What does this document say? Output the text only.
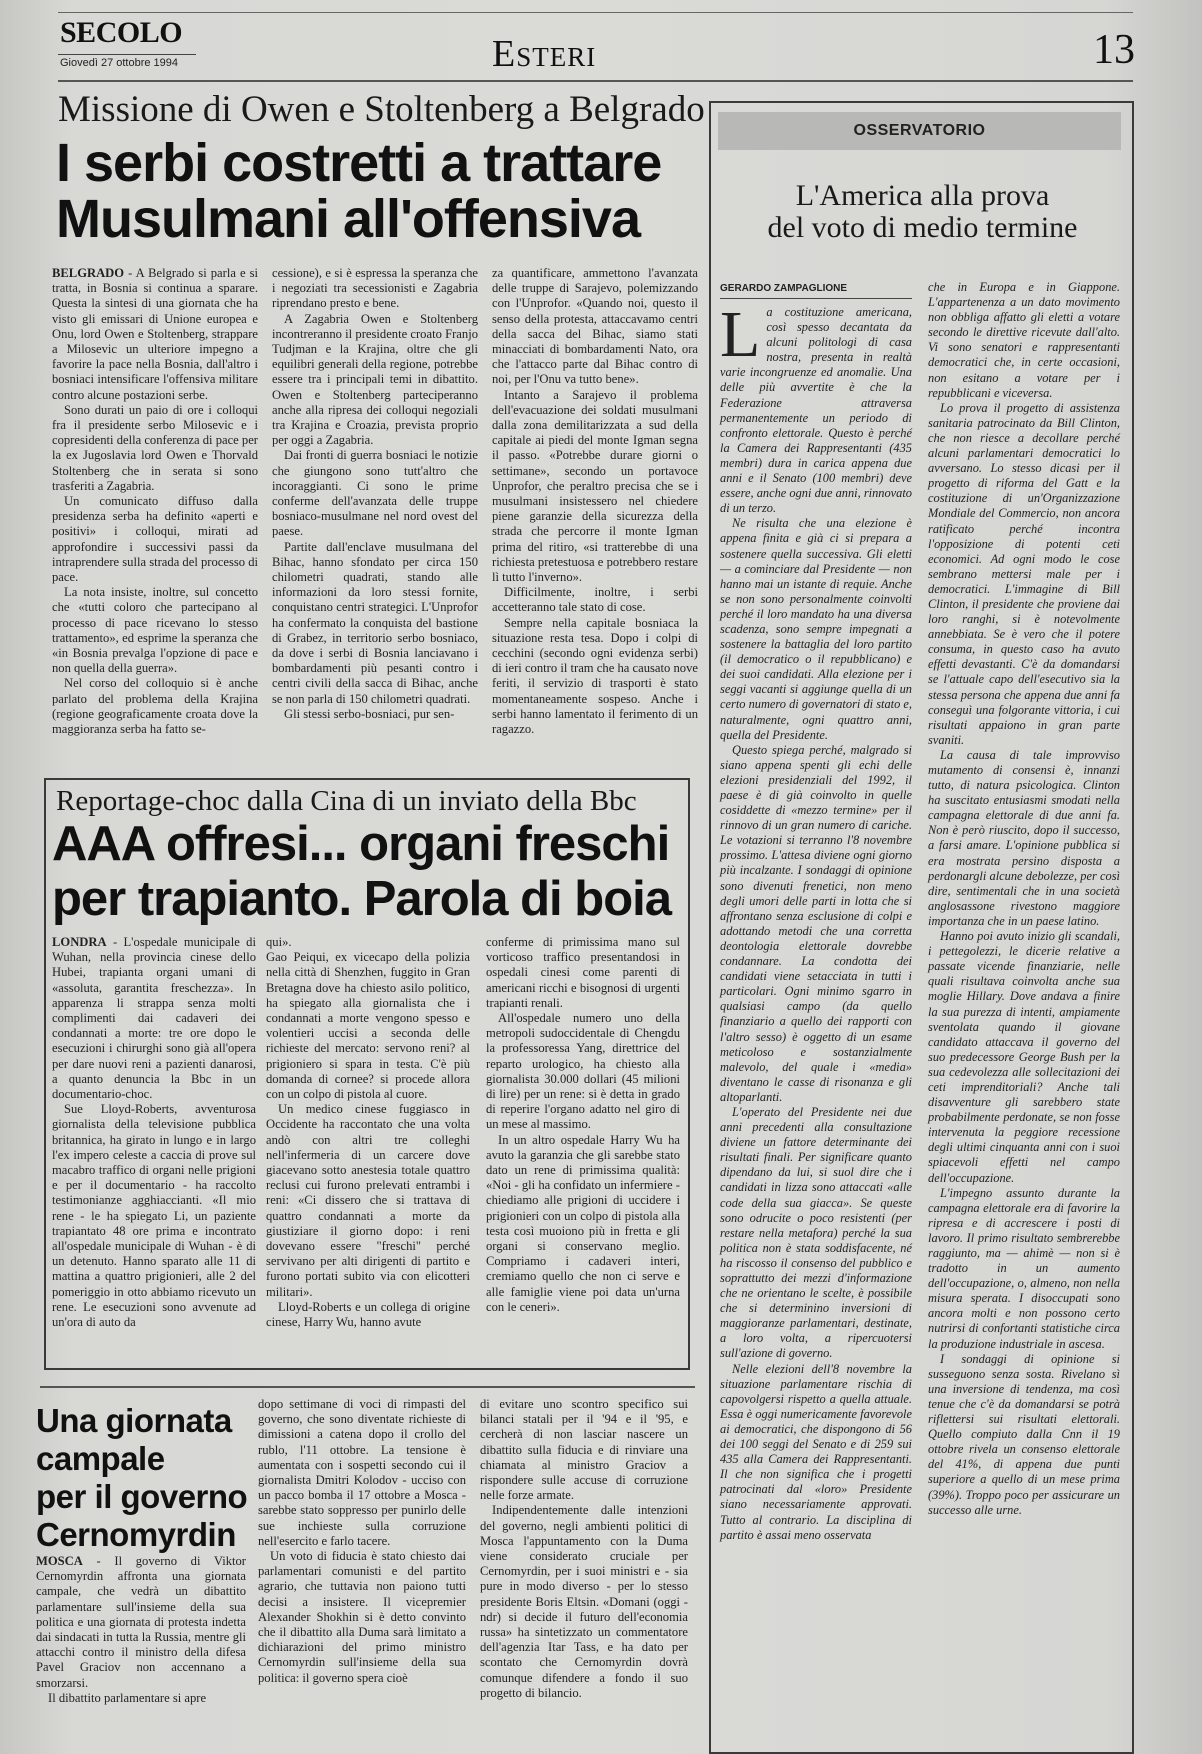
SECOLO
Giovedì 27 ottobre 1994	Esteri	13
Missione di Owen e Stoltenberg a Belgrado
I serbi costretti a trattare
Musulmani all'offensiva

BELGRADO - A Belgrado si parla e si tratta, in Bosnia si continua a sparare. Questa la sintesi di una giornata che ha visto gli emissari di Unione europea e Onu, lord Owen e Stoltenberg, strappare a Milosevic un ulteriore impegno a favorire la pace nella Bosnia, dall'altro i bosniaci intensificare l'offensiva militare contro alcune postazioni serbe.

Sono durati un paio di ore i colloqui fra il presidente serbo Milosevic e i copresidenti della conferenza di pace per la ex Jugoslavia lord Owen e Thorvald Stoltenberg che in serata si sono trasferiti a Zagabria.

Un comunicato diffuso dalla presidenza serba ha definito «aperti e positivi» i colloqui, mirati ad approfondire i successivi passi da intraprendere sulla strada del processo di pace.

La nota insiste, inoltre, sul concetto che «tutti coloro che partecipano al processo di pace ricevano lo stesso trattamento», ed esprime la speranza che «in Bosnia prevalga l'opzione di pace e non quella della guerra».

Nel corso del colloquio si è anche parlato del problema della Krajina (regione geograficamente croata dove la maggioranza serba ha fatto se-

cessione), e si è espressa la speranza che i negoziati tra secessionisti e Zagabria riprendano presto e bene.

A Zagabria Owen e Stoltenberg incontreranno il presidente croato Franjo Tudjman e la Krajina, oltre che gli equilibri generali della regione, potrebbe essere tra i principali temi in dibattito. Owen e Stoltenberg parteciperanno anche alla ripresa dei colloqui negoziali tra Krajina e Croazia, prevista proprio per oggi a Zagabria.

Dai fronti di guerra bosniaci le notizie che giungono sono tutt'altro che incoraggianti. Ci sono le prime conferme dell'avanzata delle truppe bosniaco-musulmane nel nord ovest del paese.

Partite dall'enclave musulmana del Bihac, hanno sfondato per circa 150 chilometri quadrati, stando alle informazioni da loro stessi fornite, conquistano centri strategici. L'Unprofor ha confermato la conquista del bastione di Grabez, in territorio serbo bosniaco, da dove i serbi di Bosnia lanciavano i bombardamenti più pesanti contro i centri civili della sacca di Bihac, anche se non parla di 150 chilometri quadrati.

Gli stessi serbo-bosniaci, pur sen-

za quantificare, ammettono l'avanzata delle truppe di Sarajevo, polemizzando con l'Unprofor. «Quando noi, questo il senso della protesta, attaccavamo centri della sacca del Bihac, siamo stati minacciati di bombardamenti Nato, ora che l'attacco parte dal Bihac contro di noi, per l'Onu va tutto bene».

Intanto a Sarajevo il problema dell'evacuazione dei soldati musulmani dalla zona demilitarizzata a sud della capitale ai piedi del monte Igman segna il passo. «Potrebbe durare giorni o settimane», secondo un portavoce Unprofor, che peraltro precisa che se i musulmani insistessero nel chiedere piene garanzie della sicurezza della strada che percorre il monte Igman prima del ritiro, «si tratterebbe di una richiesta pretestuosa e potrebbero restare lì tutto l'inverno».

Difficilmente, inoltre, i serbi accetteranno tale stato di cose.

Sempre nella capitale bosniaca la situazione resta tesa. Dopo i colpi di cecchini (secondo ogni evidenza serbi) di ieri contro il tram che ha causato nove feriti, il servizio di trasporti è stato momentaneamente sospeso. Anche i serbi hanno lamentato il ferimento di un ragazzo.

Reportage-choc dalla Cina di un inviato della Bbc
AAA offresi... organi freschi
per trapianto. Parola di boia

LONDRA - L'ospedale municipale di Wuhan, nella provincia cinese dello Hubei, trapianta organi umani di «assoluta, garantita freschezza». In apparenza li strappa senza molti complimenti dai cadaveri dei condannati a morte: tre ore dopo le esecuzioni i chirurghi sono già all'opera per dare nuovi reni a pazienti danarosi, a quanto denuncia la Bbc in un documentario-choc.

Sue Lloyd-Roberts, avventurosa giornalista della televisione pubblica britannica, ha girato in lungo e in largo l'ex impero celeste a caccia di prove sul macabro traffico di organi nelle prigioni e per il documentario - ha raccolto testimonianze agghiaccianti. «Il mio rene - le ha spiegato Li, un paziente trapiantato 48 ore prima e incontrato all'ospedale municipale di Wuhan - è di un detenuto. Hanno sparato alle 11 di mattina a quattro prigionieri, alle 2 del pomeriggio in otto abbiamo ricevuto un rene. Le esecuzioni sono avvenute ad un'ora di auto da

qui».

Gao Peiqui, ex vicecapo della polizia nella città di Shenzhen, fuggito in Gran Bretagna dove ha chiesto asilo politico, ha spiegato alla giornalista che i condannati a morte vengono spesso e volentieri uccisi a seconda delle richieste del mercato: servono reni? al prigioniero si spara in testa. C'è più domanda di cornee? si procede allora con un colpo di pistola al cuore.

Un medico cinese fuggiasco in Occidente ha raccontato che una volta andò con altri tre colleghi nell'infermeria di un carcere dove giacevano sotto anestesia totale quattro reclusi cui furono prelevati entrambi i reni: «Ci dissero che si trattava di quattro condannati a morte da giustiziare il giorno dopo: i reni dovevano essere "freschi" perché servivano per alti dirigenti di partito e furono portati subito via con elicotteri militari».

Lloyd-Roberts e un collega di origine cinese, Harry Wu, hanno avute

conferme di primissima mano sul vorticoso traffico presentandosi in ospedali cinesi come parenti di americani ricchi e bisognosi di urgenti trapianti renali.

All'ospedale numero uno della metropoli sudoccidentale di Chengdu la professoressa Yang, direttrice del reparto urologico, ha chiesto alla giornalista 30.000 dollari (45 milioni di lire) per un rene: si è detta in grado di reperire l'organo adatto nel giro di un mese al massimo.

In un altro ospedale Harry Wu ha avuto la garanzia che gli sarebbe stato dato un rene di primissima qualità: «Noi - gli ha confidato un infermiere - chiediamo alle prigioni di uccidere i prigionieri con un colpo di pistola alla testa così muoiono più in fretta e gli organi si conservano meglio. Compriamo i cadaveri interi, cremiamo quello che non ci serve e alle famiglie viene poi data un'urna con le ceneri».

Una giornata
campale
per il governo
Cernomyrdin

MOSCA - Il governo di Viktor Cernomyrdin affronta una giornata campale, che vedrà un dibattito parlamentare sull'insieme della sua politica e una giornata di protesta indetta dai sindacati in tutta la Russia, mentre gli attacchi contro il ministro della difesa Pavel Graciov non accennano a smorzarsi.

Il dibattito parlamentare si apre

dopo settimane di voci di rimpasti del governo, che sono diventate richieste di dimissioni a catena dopo il crollo del rublo, l'11 ottobre. La tensione è aumentata con i sospetti secondo cui il giornalista Dmitri Kolodov - ucciso con un pacco bomba il 17 ottobre a Mosca - sarebbe stato soppresso per punirlo delle sue inchieste sulla corruzione nell'esercito e farlo tacere.

Un voto di fiducia è stato chiesto dai parlamentari comunisti e del partito agrario, che tuttavia non paiono tutti decisi a insistere. Il vicepremier Alexander Shokhin si è detto convinto che il dibattito alla Duma sarà limitato a dichiarazioni del primo ministro Cernomyrdin sull'insieme della sua politica: il governo spera cioè

di evitare uno scontro specifico sui bilanci statali per il '94 e il '95, e cercherà di non lasciar nascere un dibattito sulla fiducia e di rinviare una chiamata al ministro Graciov a rispondere sulle accuse di corruzione nelle forze armate.

Indipendentemente dalle intenzioni del governo, negli ambienti politici di Mosca l'appuntamento con la Duma viene considerato cruciale per Cernomyrdin, per i suoi ministri e - sia pure in modo diverso - per lo stesso presidente Boris Eltsin. «Domani (oggi - ndr) si decide il futuro dell'economia russa» ha sintetizzato un commentatore dell'agenzia Itar Tass, e ha dato per scontato che Cernomyrdin dovrà comunque difendere a fondo il suo progetto di bilancio.

OSSERVATORIO
L'America alla prova
del voto di medio termine
GERARDO ZAMPAGLIONE

La costituzione americana, così spesso decantata da alcuni politologi di casa nostra, presenta in realtà varie incongruenze ed anomalie. Una delle più avvertite è che la Federazione attraversa permanentemente un periodo di confronto elettorale. Questo è perché la Camera dei Rappresentanti (435 membri) dura in carica appena due anni e il Senato (100 membri) deve essere, anche ogni due anni, rinnovato di un terzo.

Ne risulta che una elezione è appena finita e già ci si prepara a sostenere quella successiva. Gli eletti — a cominciare dal Presidente — non hanno mai un istante di requie. Anche se non sono personalmente coinvolti perché il loro mandato ha una diversa scadenza, sono sempre impegnati a sostenere la battaglia del loro partito (il democratico o il repubblicano) e dei suoi candidati. Alla elezione per i seggi vacanti si aggiunge quella di un certo numero di governatori di stato e, naturalmente, ogni quattro anni, quella del Presidente.

Questo spiega perché, malgrado si siano appena spenti gli echi delle elezioni presidenziali del 1992, il paese è di già coinvolto in quelle cosiddette di «mezzo termine» per il rinnovo di un gran numero di cariche. Le votazioni si terranno l'8 novembre prossimo. L'attesa diviene ogni giorno più incalzante. I sondaggi di opinione sono divenuti frenetici, non meno degli umori delle parti in lotta che si affrontano senza esclusione di colpi e adottando metodi che una corretta deontologia elettorale dovrebbe condannare. La condotta dei candidati viene setacciata in tutti i particolari. Ogni minimo sgarro in qualsiasi campo (da quello finanziario a quello dei rapporti con l'altro sesso) è oggetto di un esame meticoloso e sostanzialmente malevolo, del quale i «media» diventano le casse di risonanza e gli altoparlanti.

L'operato del Presidente nei due anni precedenti alla consultazione diviene un fattore determinante dei risultati finali. Per significare quanto dipendano da lui, si suol dire che i candidati in lizza sono attaccati «alle code della sua giacca». Se queste sono odrucite o poco resistenti (per restare nella metafora) perché la sua politica non è stata soddisfacente, né ha riscosso il consenso del pubblico e soprattutto dei mezzi d'informazione che ne orientano le scelte, è possibile che si determinino inversioni di maggioranze parlamentari, destinate, a loro volta, a ripercuotersi sull'azione di governo.

Nelle elezioni dell'8 novembre la situazione parlamentare rischia di capovolgersi rispetto a quella attuale. Essa è oggi numericamente favorevole ai democratici, che dispongono di 56 dei 100 seggi del Senato e di 259 sui 435 alla Camera dei Rappresentanti. Il che non significa che i progetti patrocinati dal «loro» Presidente siano necessariamente approvati. Tutto al contrario. La disciplina di partito è assai meno osservata

che in Europa e in Giappone. L'appartenenza a un dato movimento non obbliga affatto gli eletti a votare secondo le direttive ricevute dall'alto. Vi sono senatori e rappresentanti democratici che, in certe occasioni, non esitano a votare per i repubblicani e viceversa.

Lo prova il progetto di assistenza sanitaria patrocinato da Bill Clinton, che non riesce a decollare perché alcuni parlamentari democratici lo avversano. Lo stesso dicasi per il progetto di riforma del Gatt e la costituzione di un'Organizzazione Mondiale del Commercio, non ancora ratificato perché incontra l'opposizione di potenti ceti economici. Ad ogni modo le cose sembrano mettersi male per i democratici. L'immagine di Bill Clinton, il presidente che proviene dai loro ranghi, si è notevolmente annebbiata. Se è vero che il potere consuma, in questo caso ha avuto effetti devastanti. C'è da domandarsi se l'attuale capo dell'esecutivo sia la stessa persona che appena due anni fa conseguì una folgorante vittoria, i cui risultati appaiono in gran parte svaniti.

La causa di tale improvviso mutamento di consensi è, innanzi tutto, di natura psicologica. Clinton ha suscitato entusiasmi smodati nella campagna elettorale di due anni fa. Non è però riuscito, dopo il successo, a farsi amare. L'opinione pubblica si era mostrata persino disposta a perdonargli alcune debolezze, per così dire, sentimentali che in una società anglosassone rivestono maggiore importanza che in un paese latino.

Hanno poi avuto inizio gli scandali, i pettegolezzi, le dicerie relative a passate vicende finanziarie, nelle quali risultava coinvolta anche sua moglie Hillary. Dove andava a finire la sua purezza di intenti, ampiamente sventolata quando il giovane candidato attaccava il governo del suo predecessore George Bush per la sua cedevolezza alle sollecitazioni dei ceti imprenditoriali? Anche tali disavventure gli sarebbero state probabilmente perdonate, se non fosse intervenuta la peggiore recessione degli ultimi cinquanta anni con i suoi spiacevoli effetti nel campo dell'occupazione.

L'impegno assunto durante la campagna elettorale era di favorire la ripresa e di accrescere i posti di lavoro. Il primo risultato sembrerebbe raggiunto, ma — ahimè — non si è tradotto in un aumento dell'occupazione, o, almeno, non nella misura sperata. I disoccupati sono ancora molti e non possono certo nutrirsi di confortanti statistiche circa la produzione industriale in ascesa.

I sondaggi di opinione si susseguono senza sosta. Rivelano sì una inversione di tendenza, ma così tenue che c'è da domandarsi se potrà riflettersi sui risultati elettorali. Quello compiuto dalla Cnn il 19 ottobre rivela un consenso elettorale del 41%, di appena due punti superiore a quello di un mese prima (39%). Troppo poco per assicurare un successo alle urne.
